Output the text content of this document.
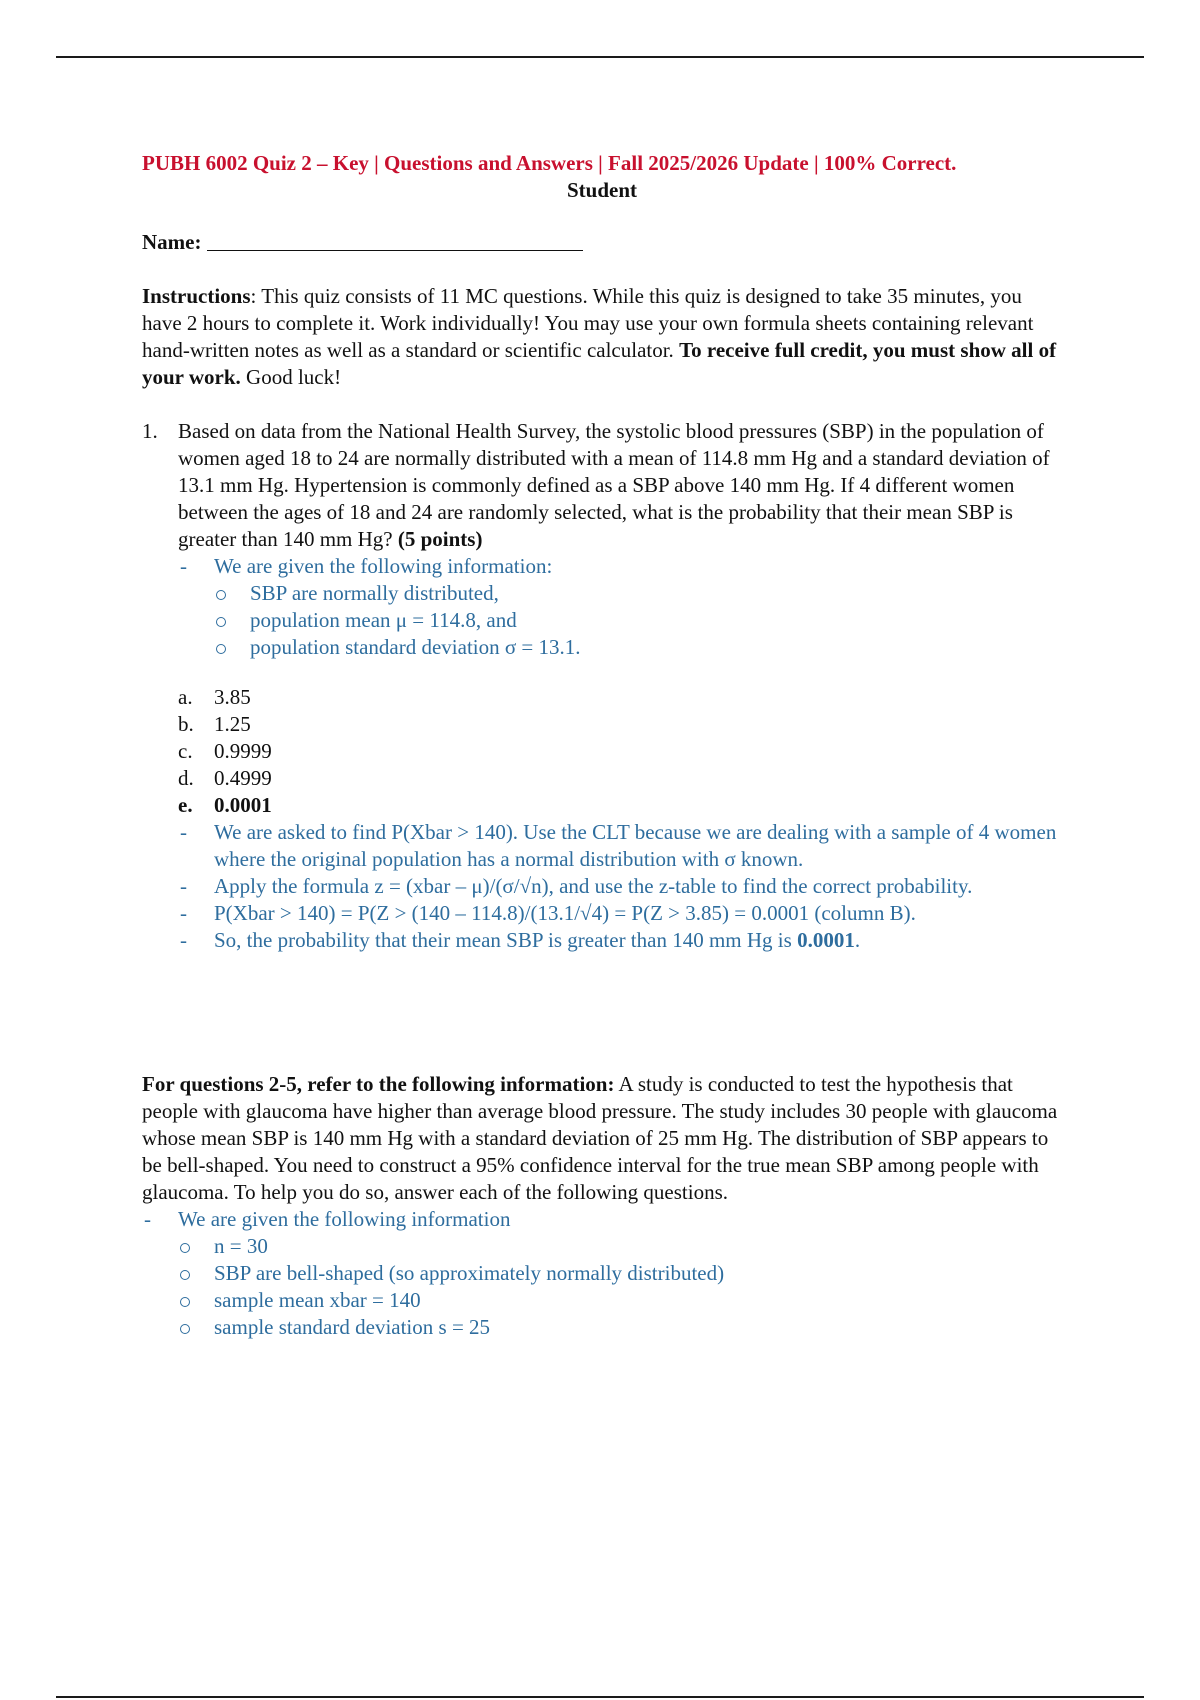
PUBH 6002 Quiz 2 – Key | Questions and Answers | Fall 2025/2026 Update | 100% Correct.
Student
Name:
Instructions: This quiz consists of 11 MC questions. While this quiz is designed to take 35 minutes, you have 2 hours to complete it. Work individually! You may use your own formula sheets containing relevant hand-written notes as well as a standard or scientific calculator. To receive full credit, you must show all of your work. Good luck!
1. Based on data from the National Health Survey, the systolic blood pressures (SBP) in the population of women aged 18 to 24 are normally distributed with a mean of 114.8 mm Hg and a standard deviation of 13.1 mm Hg. Hypertension is commonly defined as a SBP above 140 mm Hg. If 4 different women between the ages of 18 and 24 are randomly selected, what is the probability that their mean SBP is greater than 140 mm Hg? (5 points)
- We are given the following information:
SBP are normally distributed,
population mean μ = 114.8, and
population standard deviation σ = 13.1.
a.	3.85
b. 1.25
c.	0.9999
d. 0.4999
e.	0.0001
- We are asked to find P(Xbar > 140). Use the CLT because we are dealing with a sample of 4 women where the original population has a normal distribution with σ known.
- Apply the formula z = (xbar – μ)/(σ/√n), and use the z-table to find the correct probability.
- P(Xbar > 140) = P(Z > (140 – 114.8)/(13.1/√4) = P(Z > 3.85) = 0.0001 (column B).
- So, the probability that their mean SBP is greater than 140 mm Hg is 0.0001.
For questions 2-5, refer to the following information: A study is conducted to test the hypothesis that people with glaucoma have higher than average blood pressure. The study includes 30 people with glaucoma whose mean SBP is 140 mm Hg with a standard deviation of 25 mm Hg. The distribution of SBP appears to be bell-shaped. You need to construct a 95% confidence interval for the true mean SBP among people with glaucoma. To help you do so, answer each of the following questions.
- We are given the following information
n = 30
SBP are bell-shaped (so approximately normally distributed)
sample mean xbar = 140
sample standard deviation s = 25
